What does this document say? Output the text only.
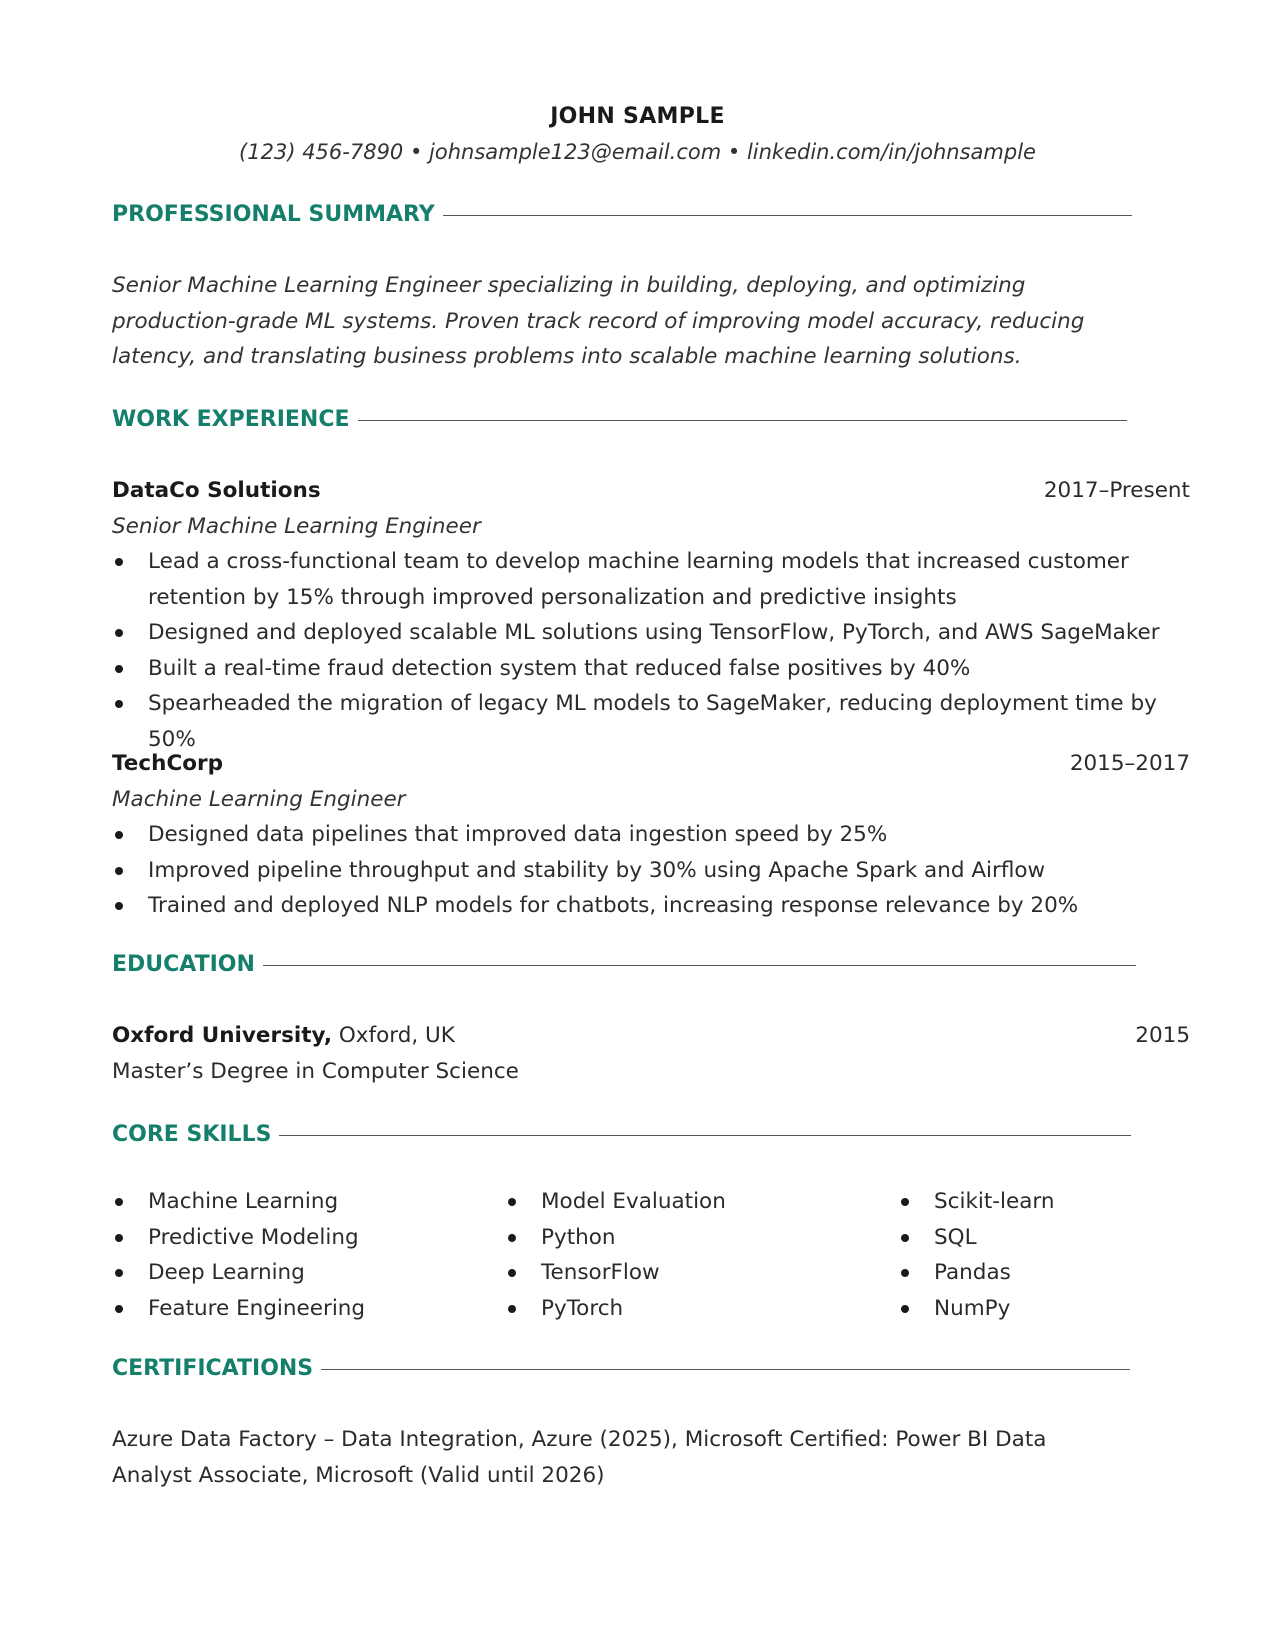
JOHN SAMPLE
(123) 456-7890 • johnsample123@email.com • linkedin.com/in/johnsample
PROFESSIONAL SUMMARY
Senior Machine Learning Engineer specializing in building, deploying, and optimizing production-grade ML systems. Proven track record of improving model accuracy, reducing latency, and translating business problems into scalable machine learning solutions.
WORK EXPERIENCE
DataCo Solutions	2017–Present
Senior Machine Learning Engineer
Lead a cross-functional team to develop machine learning models that increased customer retention by 15% through improved personalization and predictive insights
Designed and deployed scalable ML solutions using TensorFlow, PyTorch, and AWS SageMaker
Built a real-time fraud detection system that reduced false positives by 40%
Spearheaded the migration of legacy ML models to SageMaker, reducing deployment time by 50%
TechCorp	2015–2017
Machine Learning Engineer
Designed data pipelines that improved data ingestion speed by 25%
Improved pipeline throughput and stability by 30% using Apache Spark and Airflow
Trained and deployed NLP models for chatbots, increasing response relevance by 20%
EDUCATION
Oxford University, Oxford, UK	2015
Master’s Degree in Computer Science
CORE SKILLS
Machine Learning
Predictive Modeling
Deep Learning
Feature Engineering
Model Evaluation
Python
TensorFlow
PyTorch
Scikit-learn
SQL
Pandas
NumPy
CERTIFICATIONS
Azure Data Factory – Data Integration, Azure (2025), Microsoft Certified: Power BI Data Analyst Associate, Microsoft (Valid until 2026)
